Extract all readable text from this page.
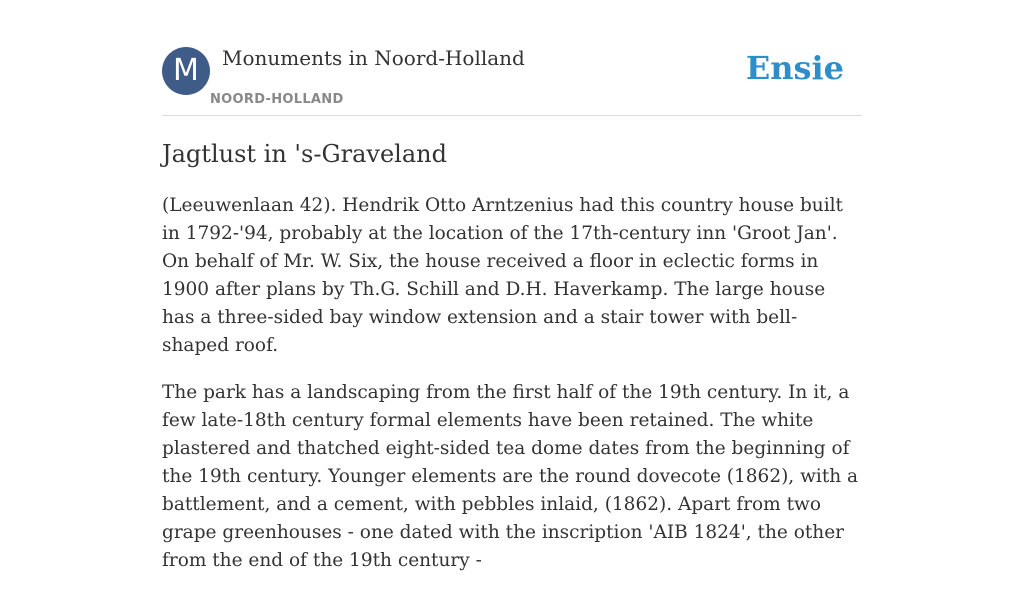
M	Monuments in Noord-Holland
NOORD-HOLLAND
Ensie
Jagtlust in 's-Graveland

(Leeuwenlaan 42). Hendrik Otto Arntzenius had this country house built in 1792-'94, probably at the location of the 17th-century inn 'Groot Jan'. On behalf of Mr. W. Six, the house received a floor in eclectic forms in 1900 after plans by Th.G. Schill and D.H. Haverkamp. The large house has a three-sided bay window extension and a stair tower with bell-shaped roof.

The park has a landscaping from the first half of the 19th century. In it, a few late-18th century formal elements have been retained. The white plastered and thatched eight-sided tea dome dates from the beginning of the 19th century. Younger elements are the round dovecote (1862), with a battlement, and a cement, with pebbles inlaid, (1862). Apart from two grape greenhouses - one dated with the inscription 'AIB 1824', the other from the end of the 19th century -
